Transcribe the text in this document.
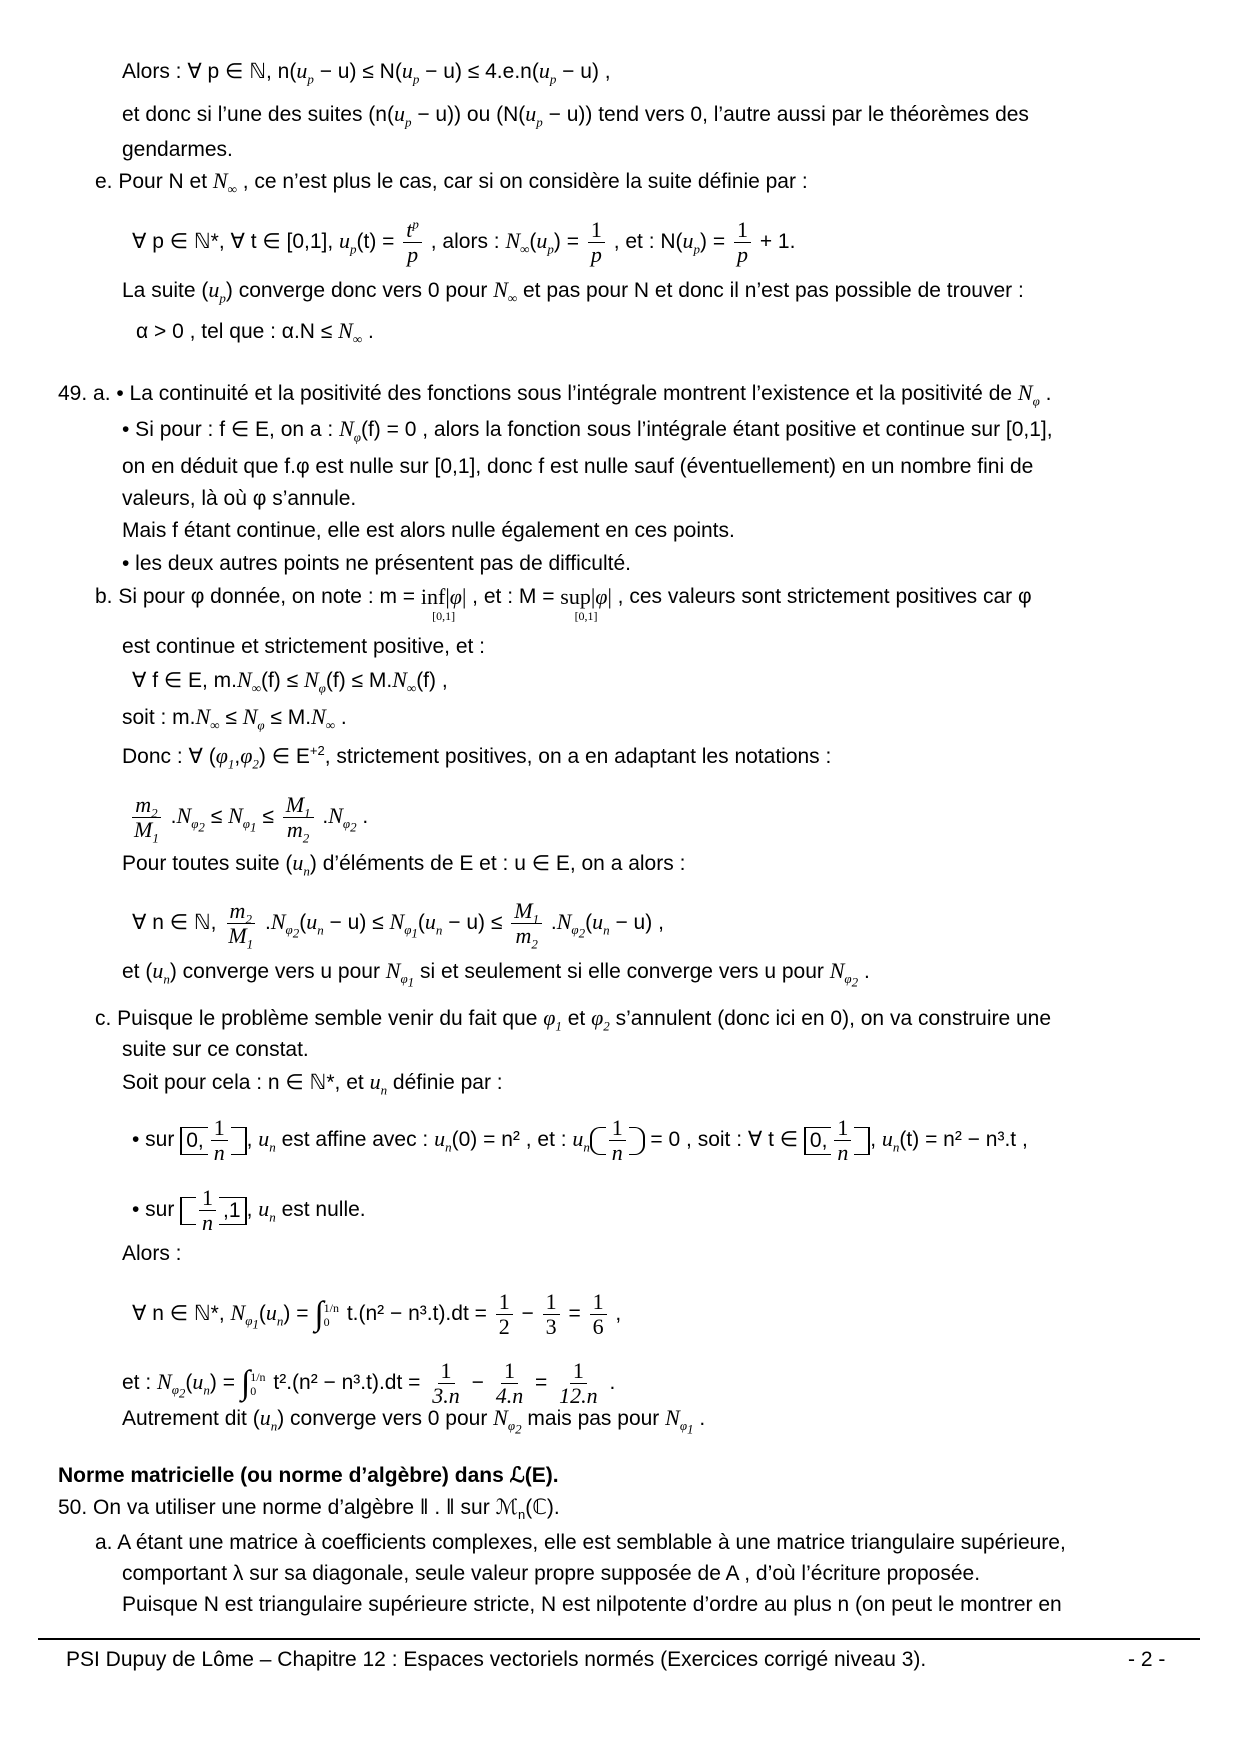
Alors : ∀ p ∈ ℕ, $n(u_p - u) \le N(u_p - u) \le 4.e.n(u_p - u)$ ,
et donc si l’une des suites $(n(u_p - u))$ ou $(N(u_p - u))$ tend vers 0, l’autre aussi par le théorèmes des
gendarmes.
e. Pour N et $N_\infty$ , ce n’est plus le cas, car si on considère la suite définie par :
∀ p ∈ ℕ*, ∀ t ∈ [0,1], $u_p(t) = \frac{t^p}{p}$ , alors : $N_\infty(u_p) = \frac{1}{p}$ , et : $N(u_p) = \frac{1}{p} + 1$.
La suite $(u_p)$ converge donc vers 0 pour $N_\infty$ et pas pour N et donc il n’est pas possible de trouver :
α > 0 , tel que : $\alpha.N \le N_\infty$ .
49. a. • La continuité et la positivité des fonctions sous l’intégrale montrent l’existence et la positivité de $N_\varphi$ .
• Si pour : f ∈ E, on a : $N_\varphi(f) = 0$ , alors la fonction sous l’intégrale étant positive et continue sur [0,1],
on en déduit que f.φ est nulle sur [0,1], donc f est nulle sauf (éventuellement) en un nombre fini de
valeurs, là où φ s’annule.
Mais f étant continue, elle est alors nulle également en ces points.
• les deux autres points ne présentent pas de difficulté.
b. Si pour φ donnée, on note : m = inf|φ|
[0,1]
, et : M = sup|φ|
[0,1]
, ces valeurs sont strictement positives car φ
est continue et strictement positive, et :
∀ f ∈ E, $m.N_\infty(f) \le N_\varphi(f) \le M.N_\infty(f)$ ,
soit : $m.N_\infty \le N_\varphi \le M.N_\infty$ .
Donc : ∀ $(\varphi_1,\varphi_2)$ ∈ $E^{+2}$, strictement positives, on a en adaptant les notations :
$\frac{m_2}{M_1} .N_{\varphi_2} \le N_{\varphi_1} \le \frac{M_1}{m_2} .N_{\varphi_2}$ .
Pour toutes suite $(u_n)$ d’éléments de E et : u ∈ E, on a alors :
∀ n ∈ ℕ, $\frac{m_2}{M_1} .N_{\varphi_2}(u_n - u) \le N_{\varphi_1}(u_n - u) \le \frac{M_1}{m_2} .N_{\varphi_2}(u_n - u)$ ,
et $(u_n)$ converge vers u pour $N_{\varphi_1}$ si et seulement si elle converge vers u pour $N_{\varphi_2}$ .
c. Puisque le problème semble venir du fait que $\varphi_1$ et $\varphi_2$ s’annulent (donc ici en 0), on va construire une
suite sur ce constat.
Soit pour cela : n ∈ ℕ*, et $u_n$ définie par :
• sur 0, $\frac{1}{n}$ , $u_n$ est affine avec : $u_n(0) = n^2$ , et : $u_n \frac{1}{n} = 0$ , soit : ∀ t ∈ 0, $\frac{1}{n}$ , $u_n(t) = n^2 - n^3.t$ ,
• sur $\frac{1}{n} ,1$ , $u_n$ est nulle.
Alors :
∀ n ∈ ℕ*, $N_{\varphi_1}(u_n)$ = ∫ 1/n
0 $t.(n^2 - n^3.t).dt = \frac{1}{2} - \frac{1}{3} = \frac{1}{6}$ ,
et : $N_{\varphi_2}(u_n)$ = ∫ 1/n
0 $t^2.(n^2 - n^3.t).dt = \frac{1}{3.n} - \frac{1}{4.n} = \frac{1}{12.n}$ .
Autrement dit $(u_n)$ converge vers 0 pour $N_{\varphi_2}$ mais pas pour $N_{\varphi_1}$ .
Norme matricielle (ou norme d’algèbre) dans ℒ(E).
50. On va utiliser une norme d’algèbre ‖ . ‖ sur ℳ$_n$(ℂ).
a. A étant une matrice à coefficients complexes, elle est semblable à une matrice triangulaire supérieure,
comportant λ sur sa diagonale, seule valeur propre supposée de A , d’où l’écriture proposée.
Puisque N est triangulaire supérieure stricte, N est nilpotente d’ordre au plus n (on peut le montrer en
PSI Dupuy de Lôme – Chapitre 12 : Espaces vectoriels normés (Exercices corrigé niveau 3).	- 2 -
